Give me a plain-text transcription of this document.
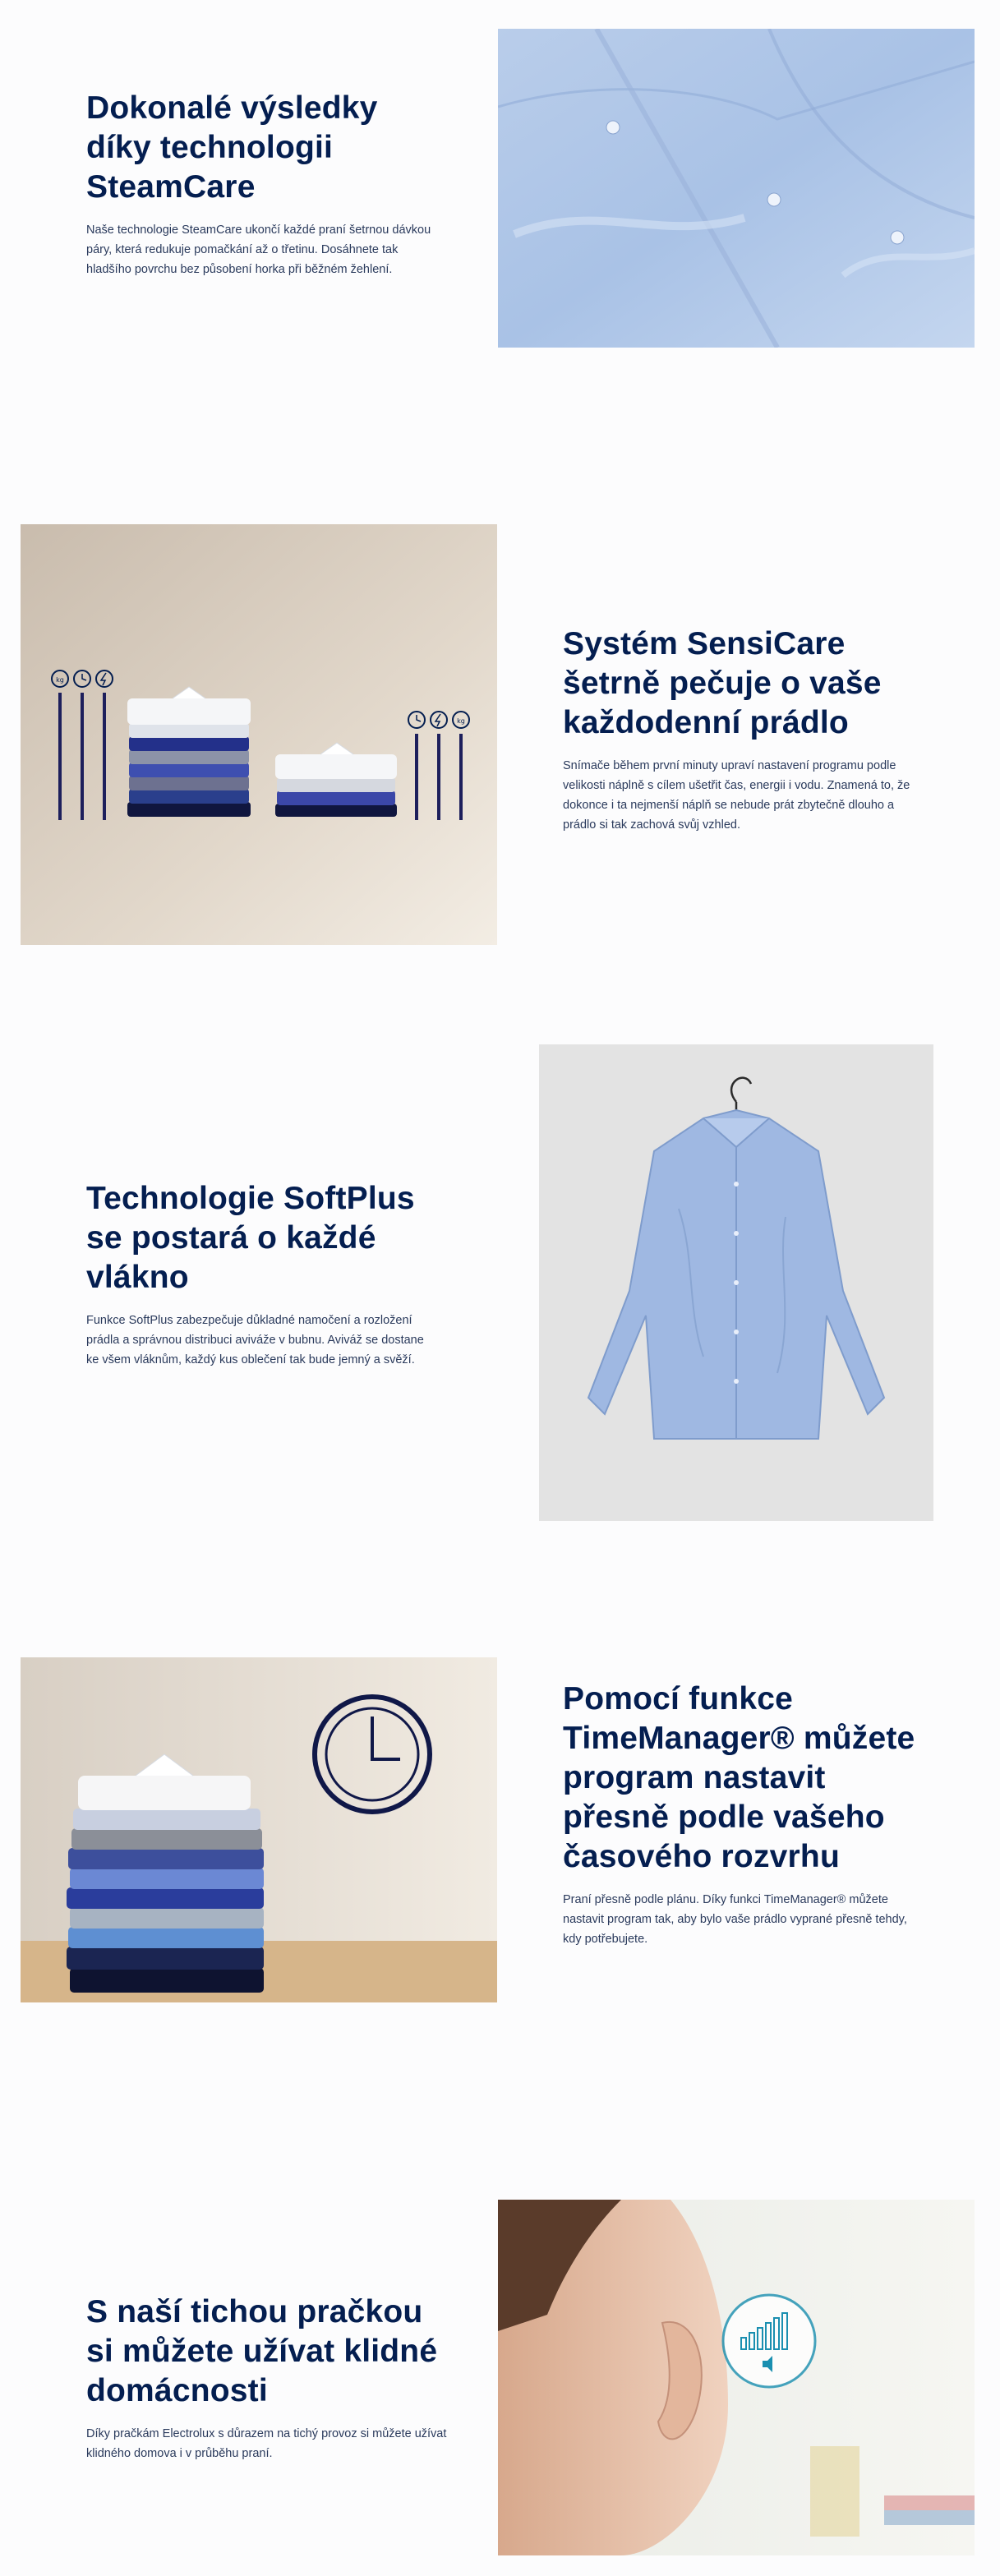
Dokonalé výsledky díky technologii SteamCare

Naše technologie SteamCare ukončí každé praní šetrnou dávkou páry, která redukuje pomačkání až o třetinu. Dosáhnete tak hladšího povrchu bez působení horka při běžném žehlení.

kg
kg
Systém SensiCare šetrně pečuje o vaše každodenní prádlo

Snímače během první minuty upraví nastavení programu podle velikosti náplně s cílem ušetřit čas, energii i vodu. Znamená to, že dokonce i ta nejmenší náplň se nebude prát zbytečně dlouho a prádlo si tak zachová svůj vzhled.

Technologie SoftPlus se postará o každé vlákno

Funkce SoftPlus zabezpečuje důkladné namočení a rozložení prádla a správnou distribuci aviváže v bubnu. Aviváž se dostane ke všem vláknům, každý kus oblečení tak bude jemný a svěží.

Pomocí funkce TimeManager® můžete program nastavit přesně podle vašeho časového rozvrhu

Praní přesně podle plánu. Díky funkci TimeManager® můžete nastavit program tak, aby bylo vaše prádlo vyprané přesně tehdy, kdy potřebujete.

S naší tichou pračkou si můžete užívat klidné domácnosti

Díky pračkám Electrolux s důrazem na tichý provoz si můžete užívat klidného domova i v průběhu praní.
